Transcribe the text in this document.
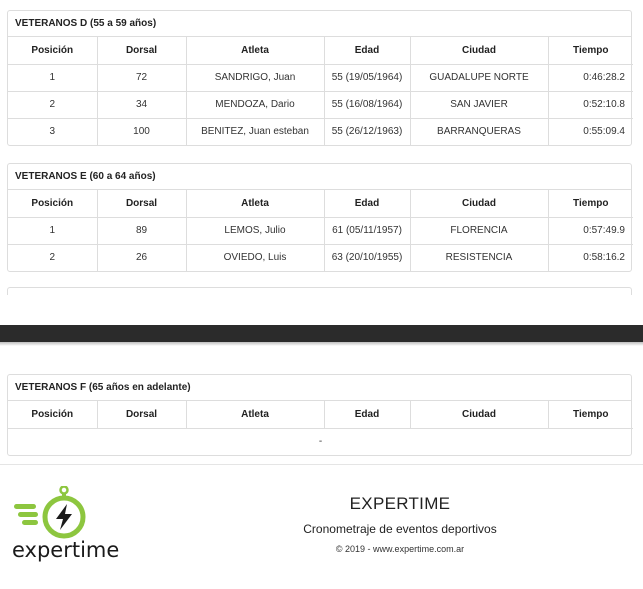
VETERANOS D (55 a 59 años)
Posición	Dorsal	Atleta	Edad	Ciudad	Tiempo
1	72	SANDRIGO, Juan	55 (19/05/1964)	GUADALUPE NORTE	0:46:28.2
2	34	MENDOZA, Dario	55 (16/08/1964)	SAN JAVIER	0:52:10.8
3	100	BENITEZ, Juan esteban	55 (26/12/1963)	BARRANQUERAS	0:55:09.4
VETERANOS E (60 a 64 años)
Posición	Dorsal	Atleta	Edad	Ciudad	Tiempo
1	89	LEMOS, Julio	61 (05/11/1957)	FLORENCIA	0:57:49.9
2	26	OVIEDO, Luis	63 (20/10/1955)	RESISTENCIA	0:58:16.2
VETERANOS F (65 años en adelante)
Posición	Dorsal	Atleta	Edad	Ciudad	Tiempo
-
expertime
EXPERTIME
Cronometraje de eventos deportivos
© 2019 - www.expertime.com.ar
